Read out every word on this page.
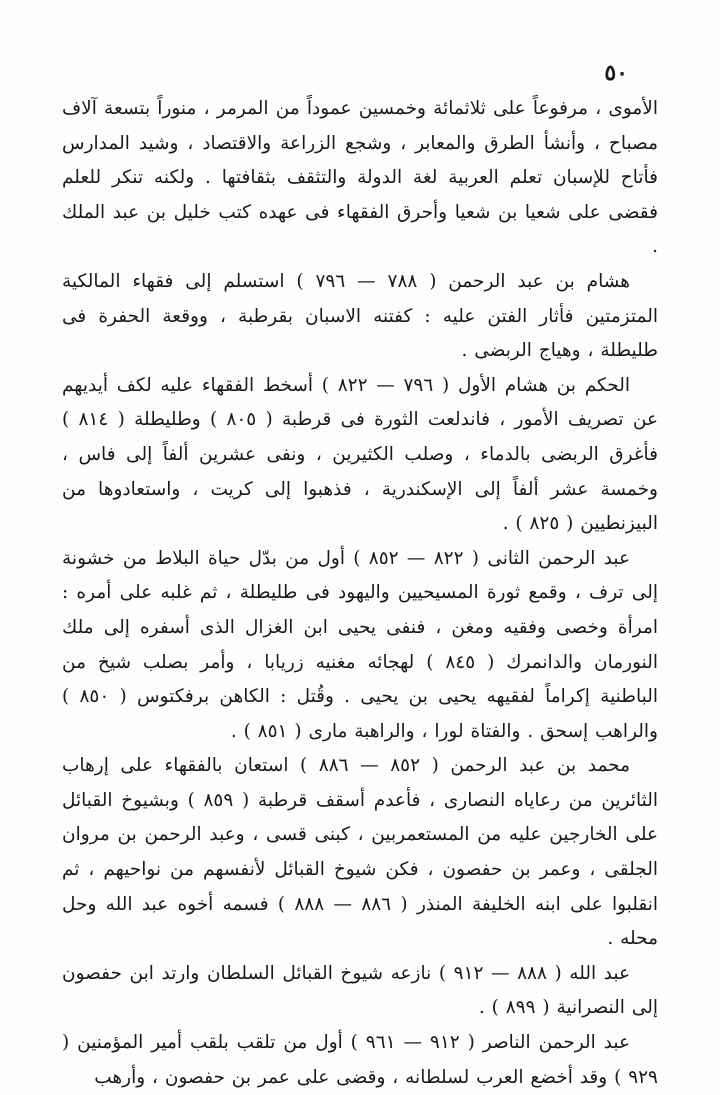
٥٠

الأموى ، مرفوعاً على ثلاثمائة وخمسين عموداً من المرمر ، منوراً بتسعة آلاف مصباح ، وأنشأ الطرق والمعابر ، وشجع الزراعة والاقتصاد ، وشيد المدارس فأتاح للإسبان تعلم العربية لغة الدولة والتثقف بثقافتها . ولكنه تنكر للعلم فقضى على شعيا بن شعيا وأحرق الفقهاء فى عهده كتب خليل بن عبد الملك .

هشام بن عبد الرحمن ( ٧٨٨ — ٧٩٦ ) استسلم إلى فقهاء المالكية المتزمتين فأثار الفتن عليه : كفتنه الاسبان بقرطبة ، ووقعة الحفرة فى طليطلة ، وهياج الربضى .

الحكم بن هشام الأول ( ٧٩٦ — ٨٢٢ ) أسخط الفقهاء عليه لكف أيديهم عن تصريف الأمور ، فاندلعت الثورة فى قرطبة ( ٨٠٥ ) وطليطلة ( ٨١٤ ) فأغرق الربضى بالدماء ، وصلب الكثيرين ، ونفى عشرين ألفاً إلى فاس ، وخمسة عشر ألفاً إلى الإسكندرية ، فذهبوا إلى كريت ، واستعادوها من البيزنطيين ( ٨٢٥ ) .

عبد الرحمن الثانى ( ٨٢٢ — ٨٥٢ ) أول من بدّل حياة البلاط من خشونة إلى ترف ، وقمع ثورة المسيحيين واليهود فى طليطلة ، ثم غلبه على أمره : امرأة وخصى وفقيه ومغن ، فنفى يحيى ابن الغزال الذى أسفره إلى ملك النورمان والدانمرك ( ٨٤٥ ) لهجائه مغنيه زريابا ، وأمر بصلب شيخ من الباطنية إكراماً لفقيهه يحيى بن يحيى . وقُتل : الكاهن برفكتوس ( ٨٥٠ ) والراهب إسحق . والفتاة لورا ، والراهبة مارى ( ٨٥١ ) .

محمد بن عبد الرحمن ( ٨٥٢ — ٨٨٦ ) استعان بالفقهاء على إرهاب الثائرين من رعاياه النصارى ، فأعدم أسقف قرطبة ( ٨٥٩ ) وبشيوخ القبائل على الخارجين عليه من المستعمربين ، كبنى قسى ، وعبد الرحمن بن مروان الجلقى ، وعمر بن حفصون ، فكن شيوخ القبائل لأنفسهم من نواحيهم ، ثم انقلبوا على ابنه الخليفة المنذر ( ٨٨٦ — ٨٨٨ ) فسمه أخوه عبد الله وحل محله .

عبد الله ( ٨٨٨ — ٩١٢ ) نازعه شيوخ القبائل السلطان وارتد ابن حفصون إلى النصرانية ( ٨٩٩ ) .

عبد الرحمن الناصر ( ٩١٢ — ٩٦١ ) أول من تلقب بلقب أمير المؤمنين ( ٩٢٩ ) وقد أخضع العرب لسلطانه ، وقضى على عمر بن حفصون ، وأرهب
